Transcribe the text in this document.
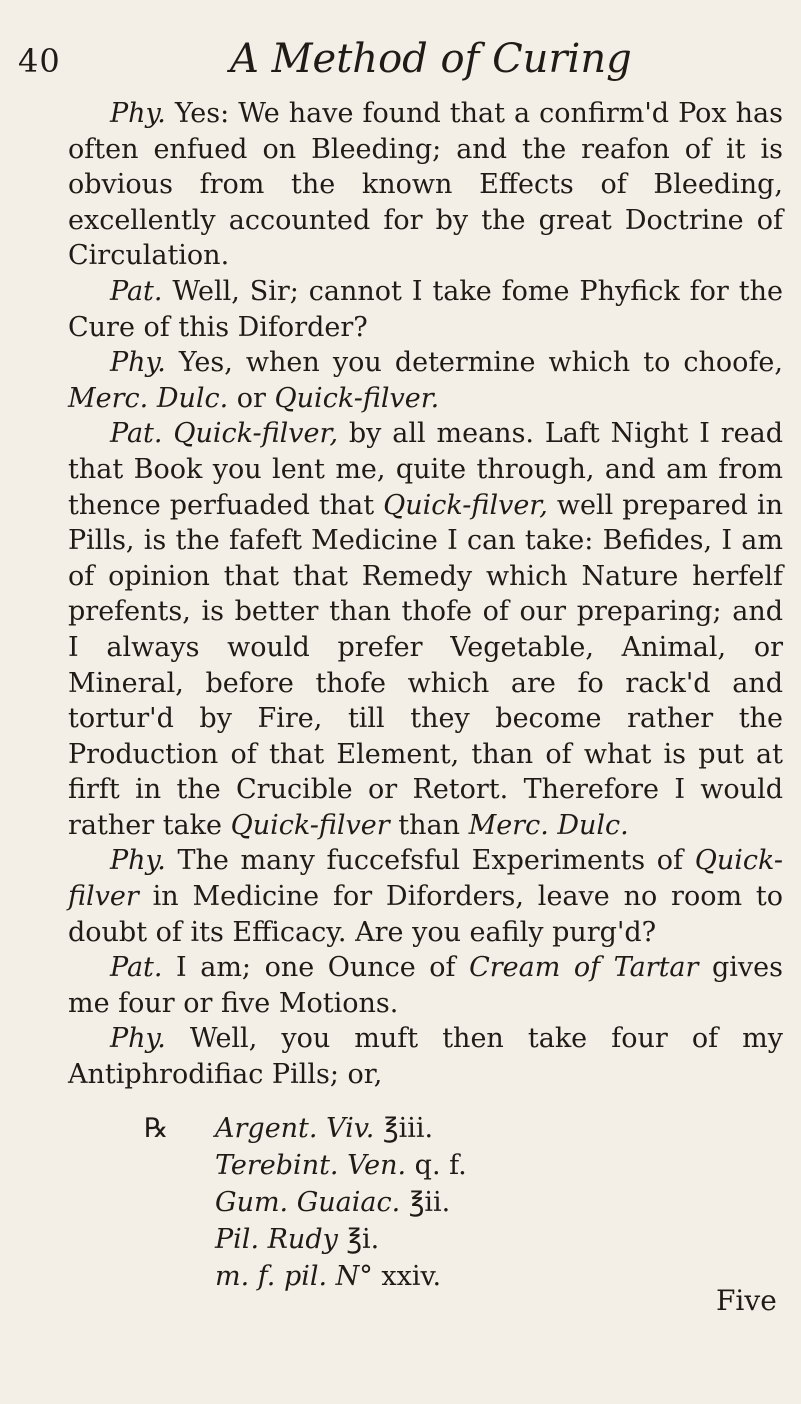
40	A Method of Curing

Phy. Yes: We have found that a confirm'd Pox has often enfued on Bleeding; and the reafon of it is obvious from the known Effects of Bleeding, excellently accounted for by the great Doctrine of Circulation.

Pat. Well, Sir; cannot I take fome Phyfick for the Cure of this Diforder?

Phy. Yes, when you determine which to choofe, Merc. Dulc. or Quick-filver.

Pat. Quick-filver, by all means. Laft Night I read that Book you lent me, quite through, and am from thence perfuaded that Quick-filver, well prepared in Pills, is the fafeft Medicine I can take: Befides, I am of opinion that that Remedy which Nature herfelf prefents, is better than thofe of our preparing; and I always would prefer Vegetable, Animal, or Mineral, before thofe which are fo rack'd and tortur'd by Fire, till they become rather the Production of that Element, than of what is put at firft in the Crucible or Retort. Therefore I would rather take Quick-filver than Merc. Dulc.

Phy. The many fuccefsful Experiments of Quick-filver in Medicine for Diforders, leave no room to doubt of its Efficacy. Are you eafily purg'd?

Pat. I am; one Ounce of Cream of Tartar gives me four or five Motions.

Phy. Well, you muft then take four of my Antiphrodifiac Pills; or,

℞ Argent. Viv. ℥iii.
Terebint. Ven. q. f.
Gum. Guaiac. ℥ii.
Pil. Rudy ℥i.
m. f. pil. N° xxiv.
Five
